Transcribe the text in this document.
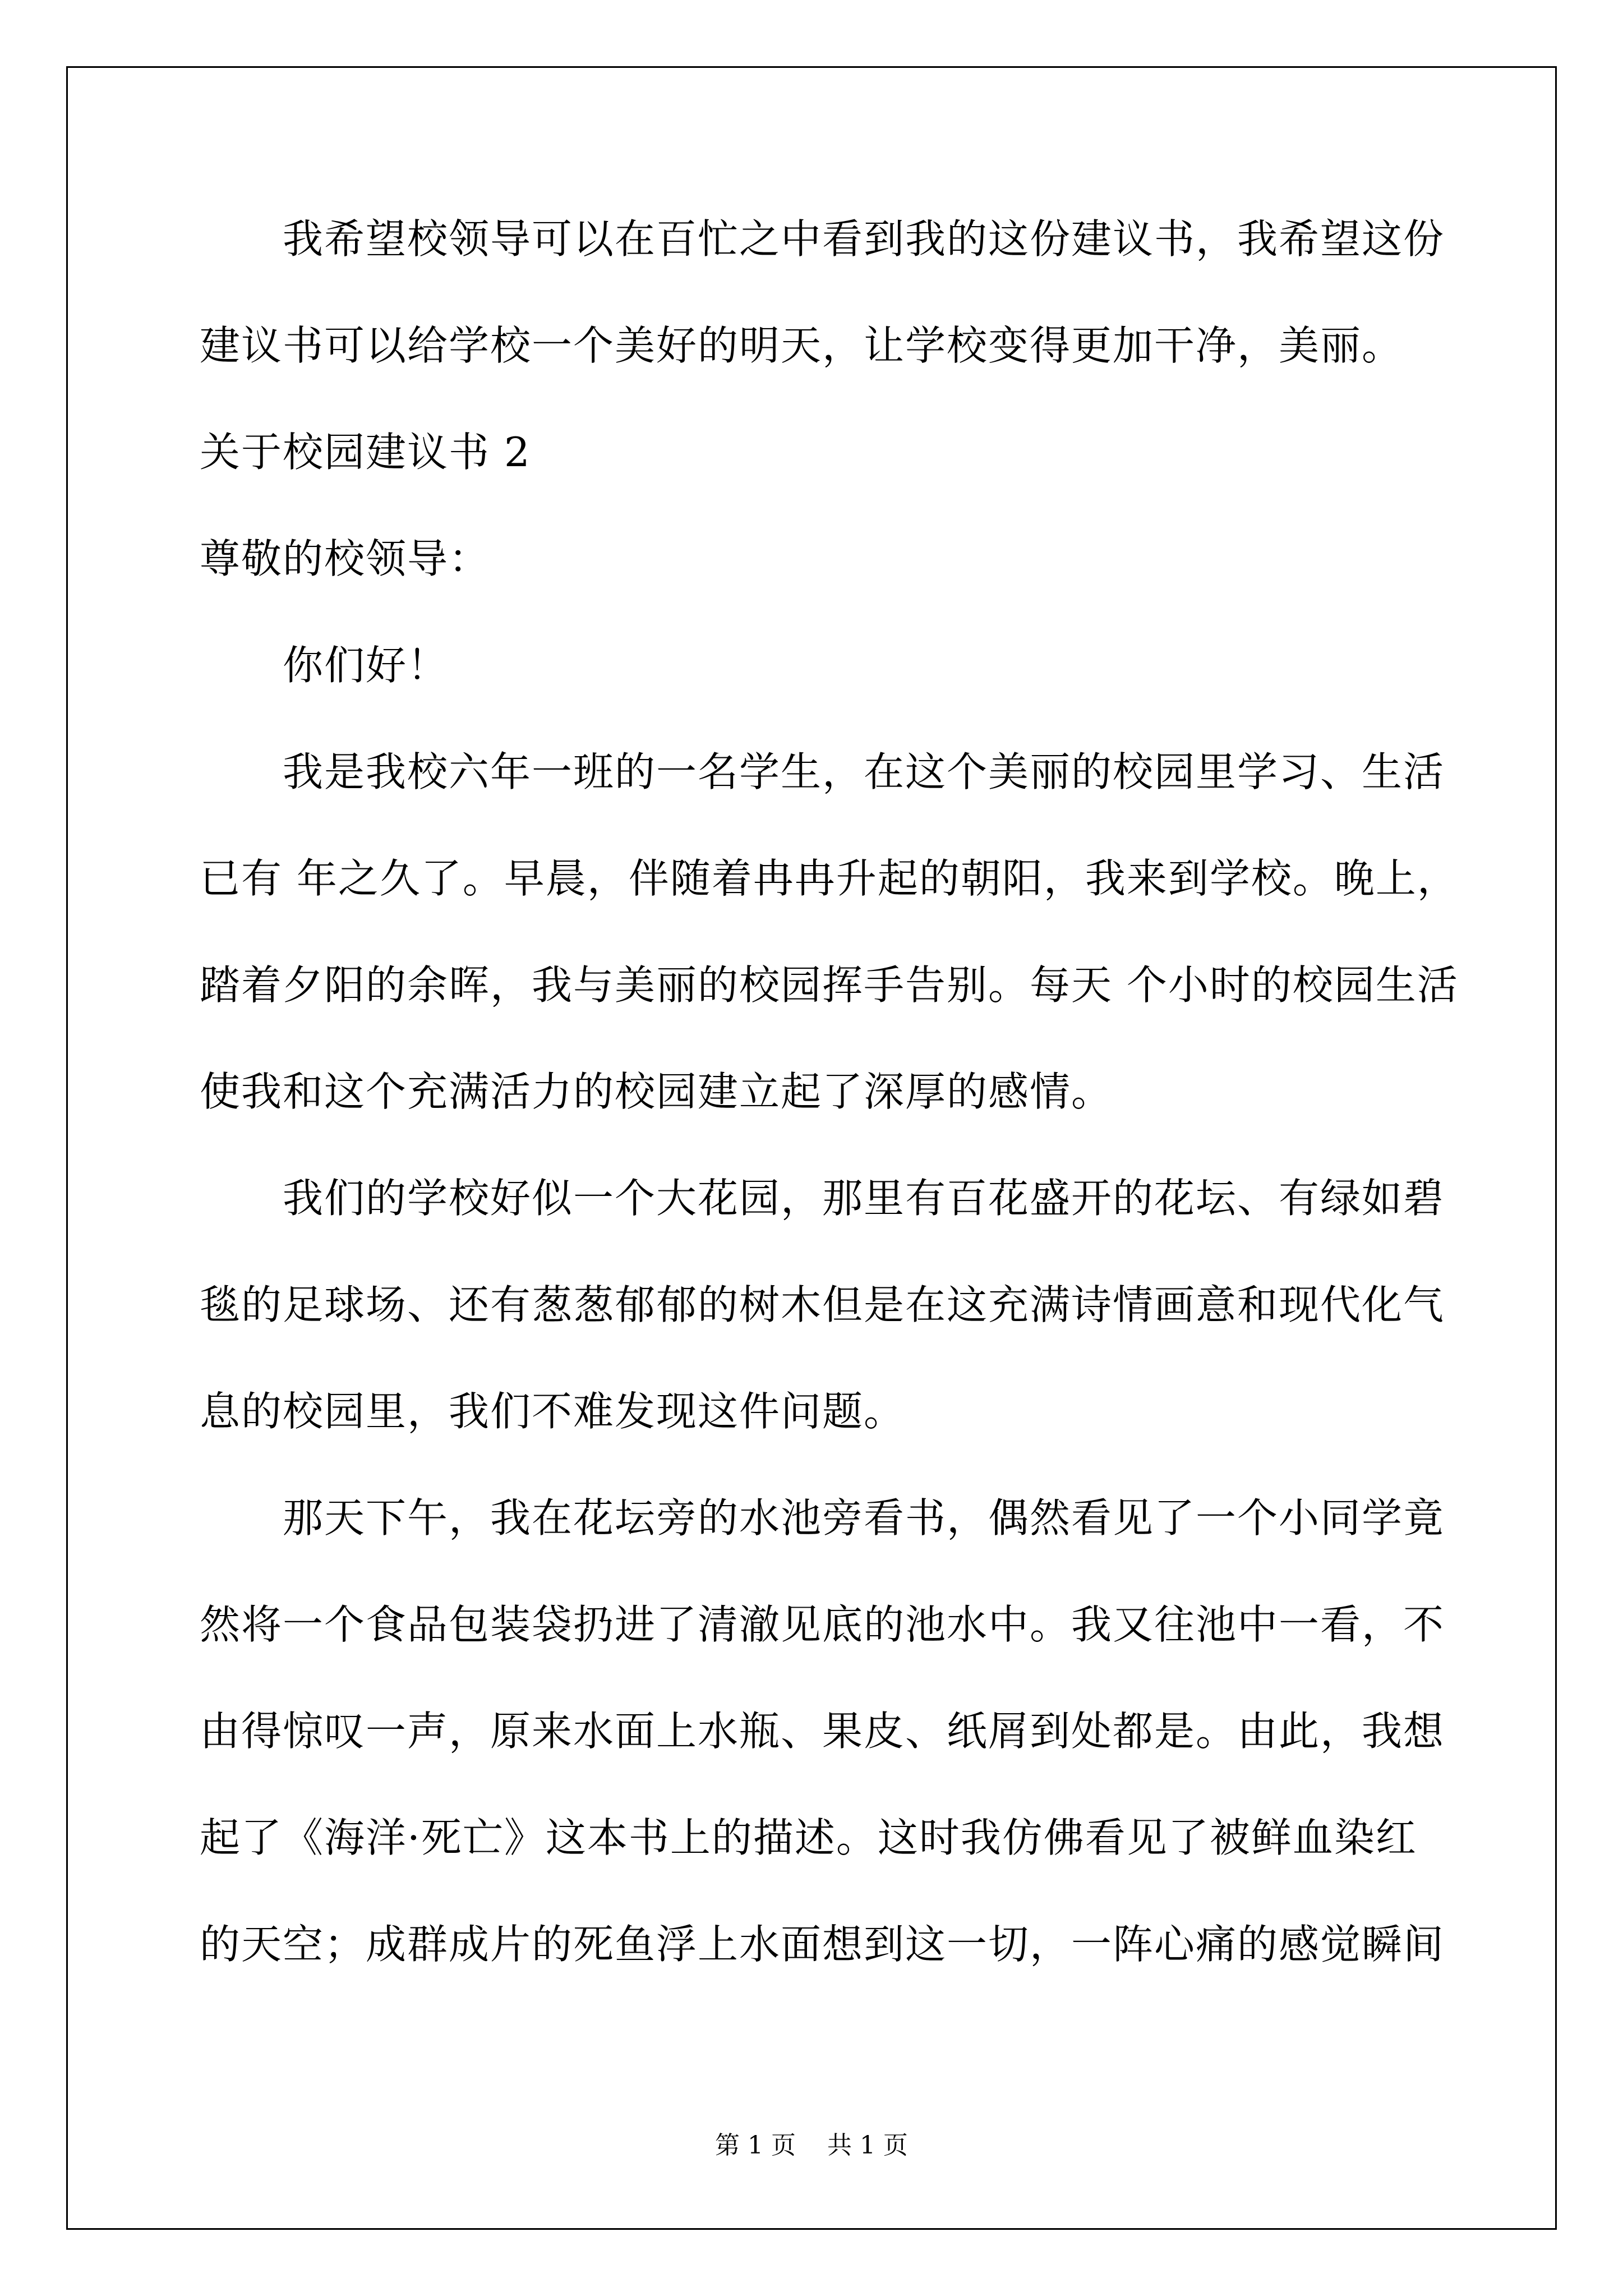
我希望校领导可以在百忙之中看到我的这份建议书，我希望这份
建议书可以给学校一个美好的明天，让学校变得更加干净，美丽。
关于校园建议书 2
尊敬的校领导：
你们好！
我是我校六年一班的一名学生，在这个美丽的校园里学习、生活
已有 年之久了。早晨，伴随着冉冉升起的朝阳，我来到学校。晚上，
踏着夕阳的余晖，我与美丽的校园挥手告别。每天 个小时的校园生活
使我和这个充满活力的校园建立起了深厚的感情。
我们的学校好似一个大花园，那里有百花盛开的花坛、有绿如碧
毯的足球场、还有葱葱郁郁的树木但是在这充满诗情画意和现代化气
息的校园里，我们不难发现这件问题。
那天下午，我在花坛旁的水池旁看书，偶然看见了一个小同学竟
然将一个食品包装袋扔进了清澈见底的池水中。我又往池中一看，不
由得惊叹一声，原来水面上水瓶、果皮、纸屑到处都是。由此，我想
起了《海洋·死亡》这本书上的描述。这时我仿佛看见了被鲜血染红
的天空；成群成片的死鱼浮上水面想到这一切，一阵心痛的感觉瞬间
第 1 页    共 1 页
